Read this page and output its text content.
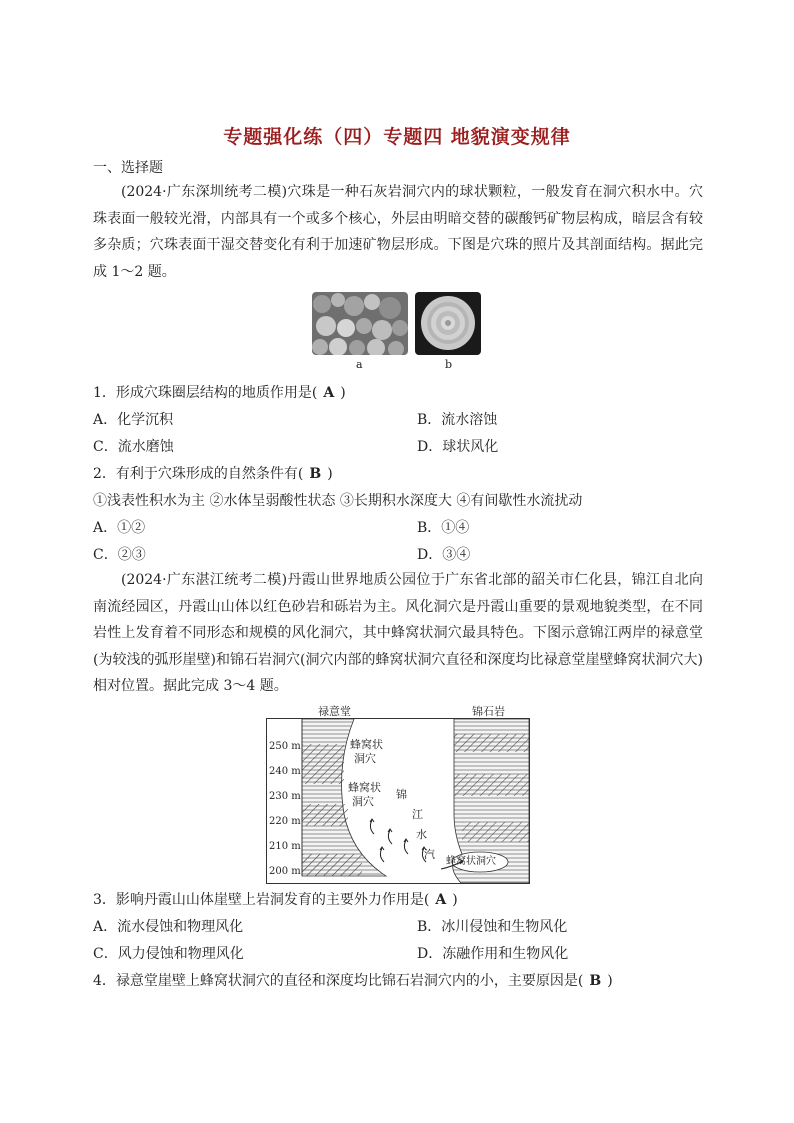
专题强化练（四）专题四 地貌演变规律
一、选择题
(2024·广东深圳统考二模)穴珠是一种石灰岩洞穴内的球状颗粒，一般发育在洞穴积水中。穴珠表面一般较光滑，内部具有一个或多个核心，外层由明暗交替的碳酸钙矿物层构成，暗层含有较多杂质；穴珠表面干湿交替变化有利于加速矿物层形成。下图是穴珠的照片及其剖面结构。据此完成 1～2 题。
a	b
1．形成穴珠圈层结构的地质作用是( A )
A．化学沉积	B．流水溶蚀
C．流水磨蚀	D．球状风化
2．有利于穴珠形成的自然条件有( B )
①浅表性积水为主 ②水体呈弱酸性状态 ③长期积水深度大 ④有间歇性水流扰动
A．①②	B．①④
C．②③	D．③④
(2024·广东湛江统考二模)丹霞山世界地质公园位于广东省北部的韶关市仁化县，锦江自北向南流经园区，丹霞山山体以红色砂岩和砾岩为主。风化洞穴是丹霞山重要的景观地貌类型，在不同岩性上发育着不同形态和规模的风化洞穴，其中蜂窝状洞穴最具特色。下图示意锦江两岸的禄意堂(为较浅的弧形崖壁)和锦石岩洞穴(洞穴内部的蜂窝状洞穴直径和深度均比禄意堂崖壁蜂窝状洞穴大)相对位置。据此完成 3～4 题。
250 m
240 m
230 m
220 m
210 m
200 m
禄意堂	锦石岩
蜂窝状
洞穴
蜂窝状
洞穴
锦
江
水
汽
蜂窝状洞穴
3．影响丹霞山山体崖壁上岩洞发育的主要外力作用是( A )
A．流水侵蚀和物理风化	B．冰川侵蚀和生物风化
C．风力侵蚀和物理风化	D．冻融作用和生物风化
4．禄意堂崖壁上蜂窝状洞穴的直径和深度均比锦石岩洞穴内的小，主要原因是( B )
